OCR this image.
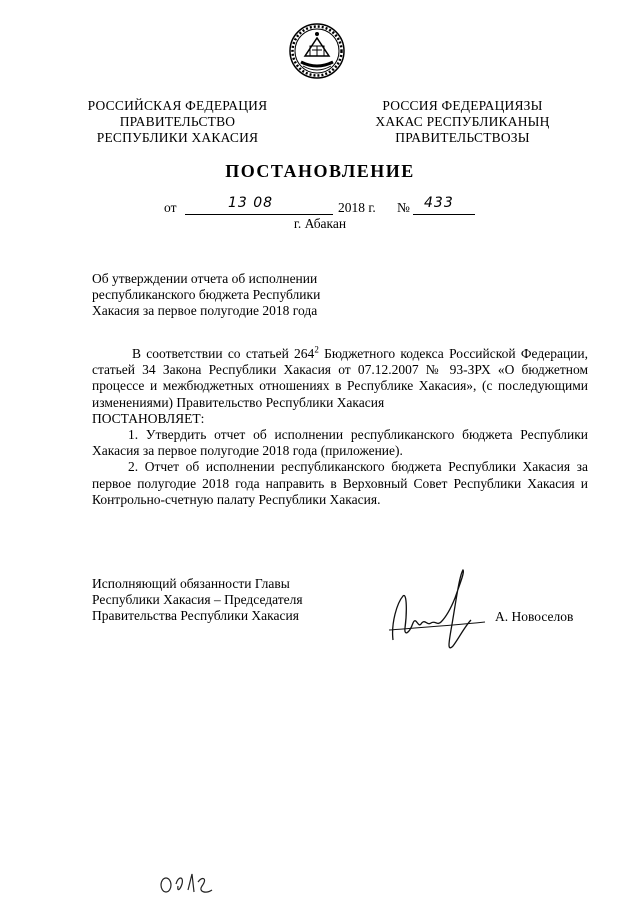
РОССИЙСКАЯ ФЕДЕРАЦИЯ
ПРАВИТЕЛЬСТВО
РЕСПУБЛИКИ ХАКАСИЯ
РОССИЯ ФЕДЕРАЦИЯЗЫ
ХАКАС РЕСПУБЛИКАНЫҢ
ПРАВИТЕЛЬСТВОЗЫ
ПОСТАНОВЛЕНИЕ
от	13 08	2018 г. № 433
г. Абакан
Об утверждении отчета об исполнении
республиканского бюджета Республики
Хакасия за первое полугодие 2018 года

В соответствии со статьей $264^2$ Бюджетного кодекса Российской Федерации, статьей 34 Закона Республики Хакасия от 07.12.2007 № 93-ЗРХ «О бюджетном процессе и межбюджетных отношениях в Республике Хакасия», (с последующими изменениями) Правительство Республики Хакасия

ПОСТАНОВЛЯЕТ:

1. Утвердить отчет об исполнении республиканского бюджета Республики Хакасия за первое полугодие 2018 года (приложение).

2. Отчет об исполнении республиканского бюджета Республики Хакасия за первое полугодие 2018 года направить в Верховный Совет Республики Хакасия и Контрольно-счетную палату Республики Хакасия.

Исполняющий обязанности Главы
Республики Хакасия – Председателя
Правительства Республики Хакасия	А. Новоселов
